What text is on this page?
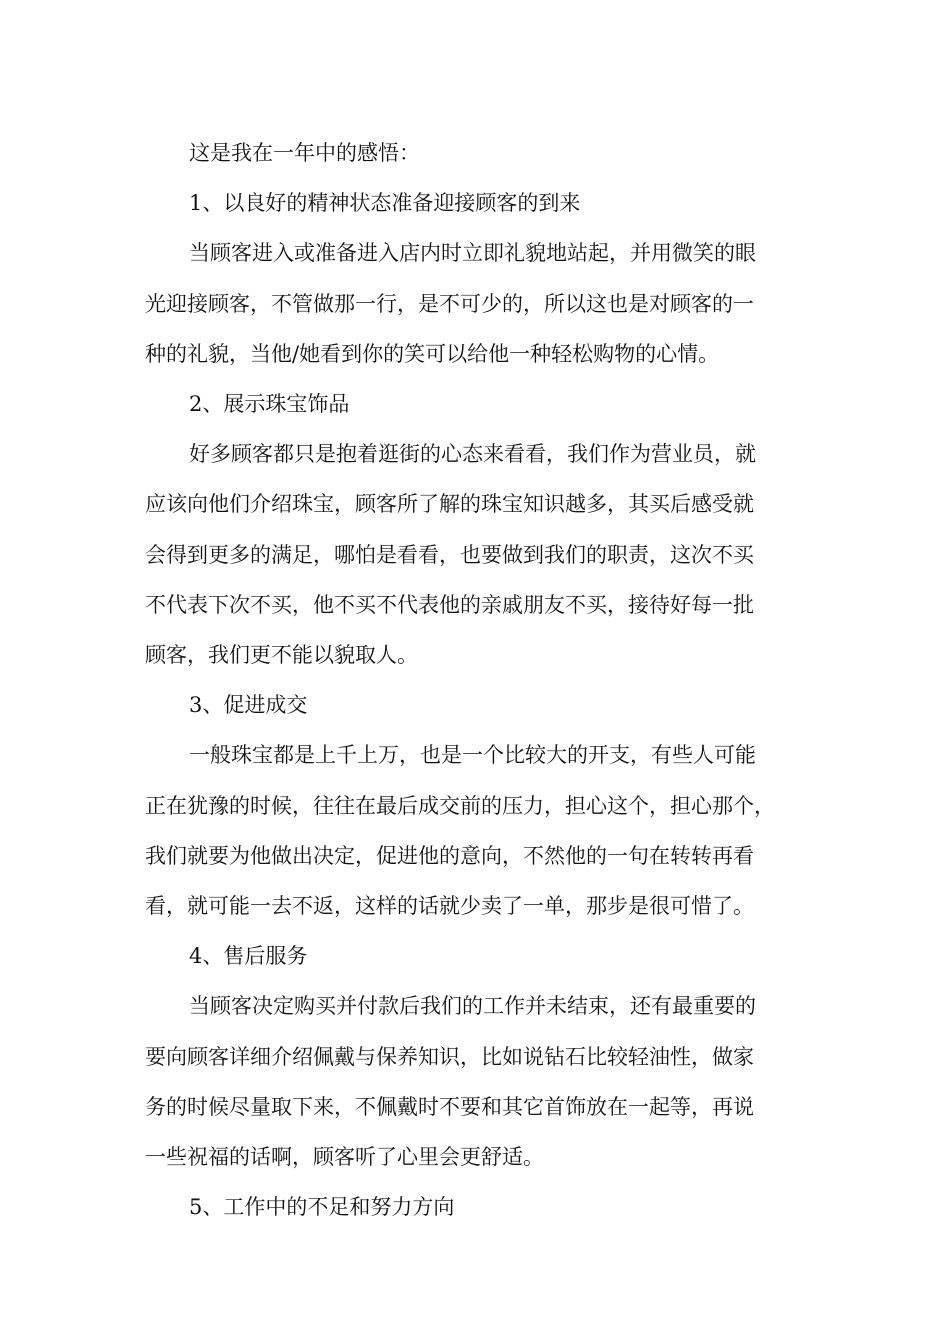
这是我在一年中的感悟：

1、以良好的精神状态准备迎接顾客的到来

当顾客进入或准备进入店内时立即礼貌地站起，并用微笑的眼
光迎接顾客，不管做那一行，是不可少的，所以这也是对顾客的一
种的礼貌，当他/她看到你的笑可以给他一种轻松购物的心情。

2、展示珠宝饰品

好多顾客都只是抱着逛街的心态来看看，我们作为营业员，就
应该向他们介绍珠宝，顾客所了解的珠宝知识越多，其买后感受就
会得到更多的满足，哪怕是看看，也要做到我们的职责，这次不买
不代表下次不买，他不买不代表他的亲戚朋友不买，接待好每一批
顾客，我们更不能以貌取人。

3、促进成交

一般珠宝都是上千上万，也是一个比较大的开支，有些人可能
正在犹豫的时候，往往在最后成交前的压力，担心这个，担心那个，
我们就要为他做出决定，促进他的意向，不然他的一句在转转再看
看，就可能一去不返，这样的话就少卖了一单，那步是很可惜了。

4、售后服务

当顾客决定购买并付款后我们的工作并未结束，还有最重要的
要向顾客详细介绍佩戴与保养知识，比如说钻石比较轻油性，做家
务的时候尽量取下来，不佩戴时不要和其它首饰放在一起等，再说
一些祝福的话啊，顾客听了心里会更舒适。

5、工作中的不足和努力方向
